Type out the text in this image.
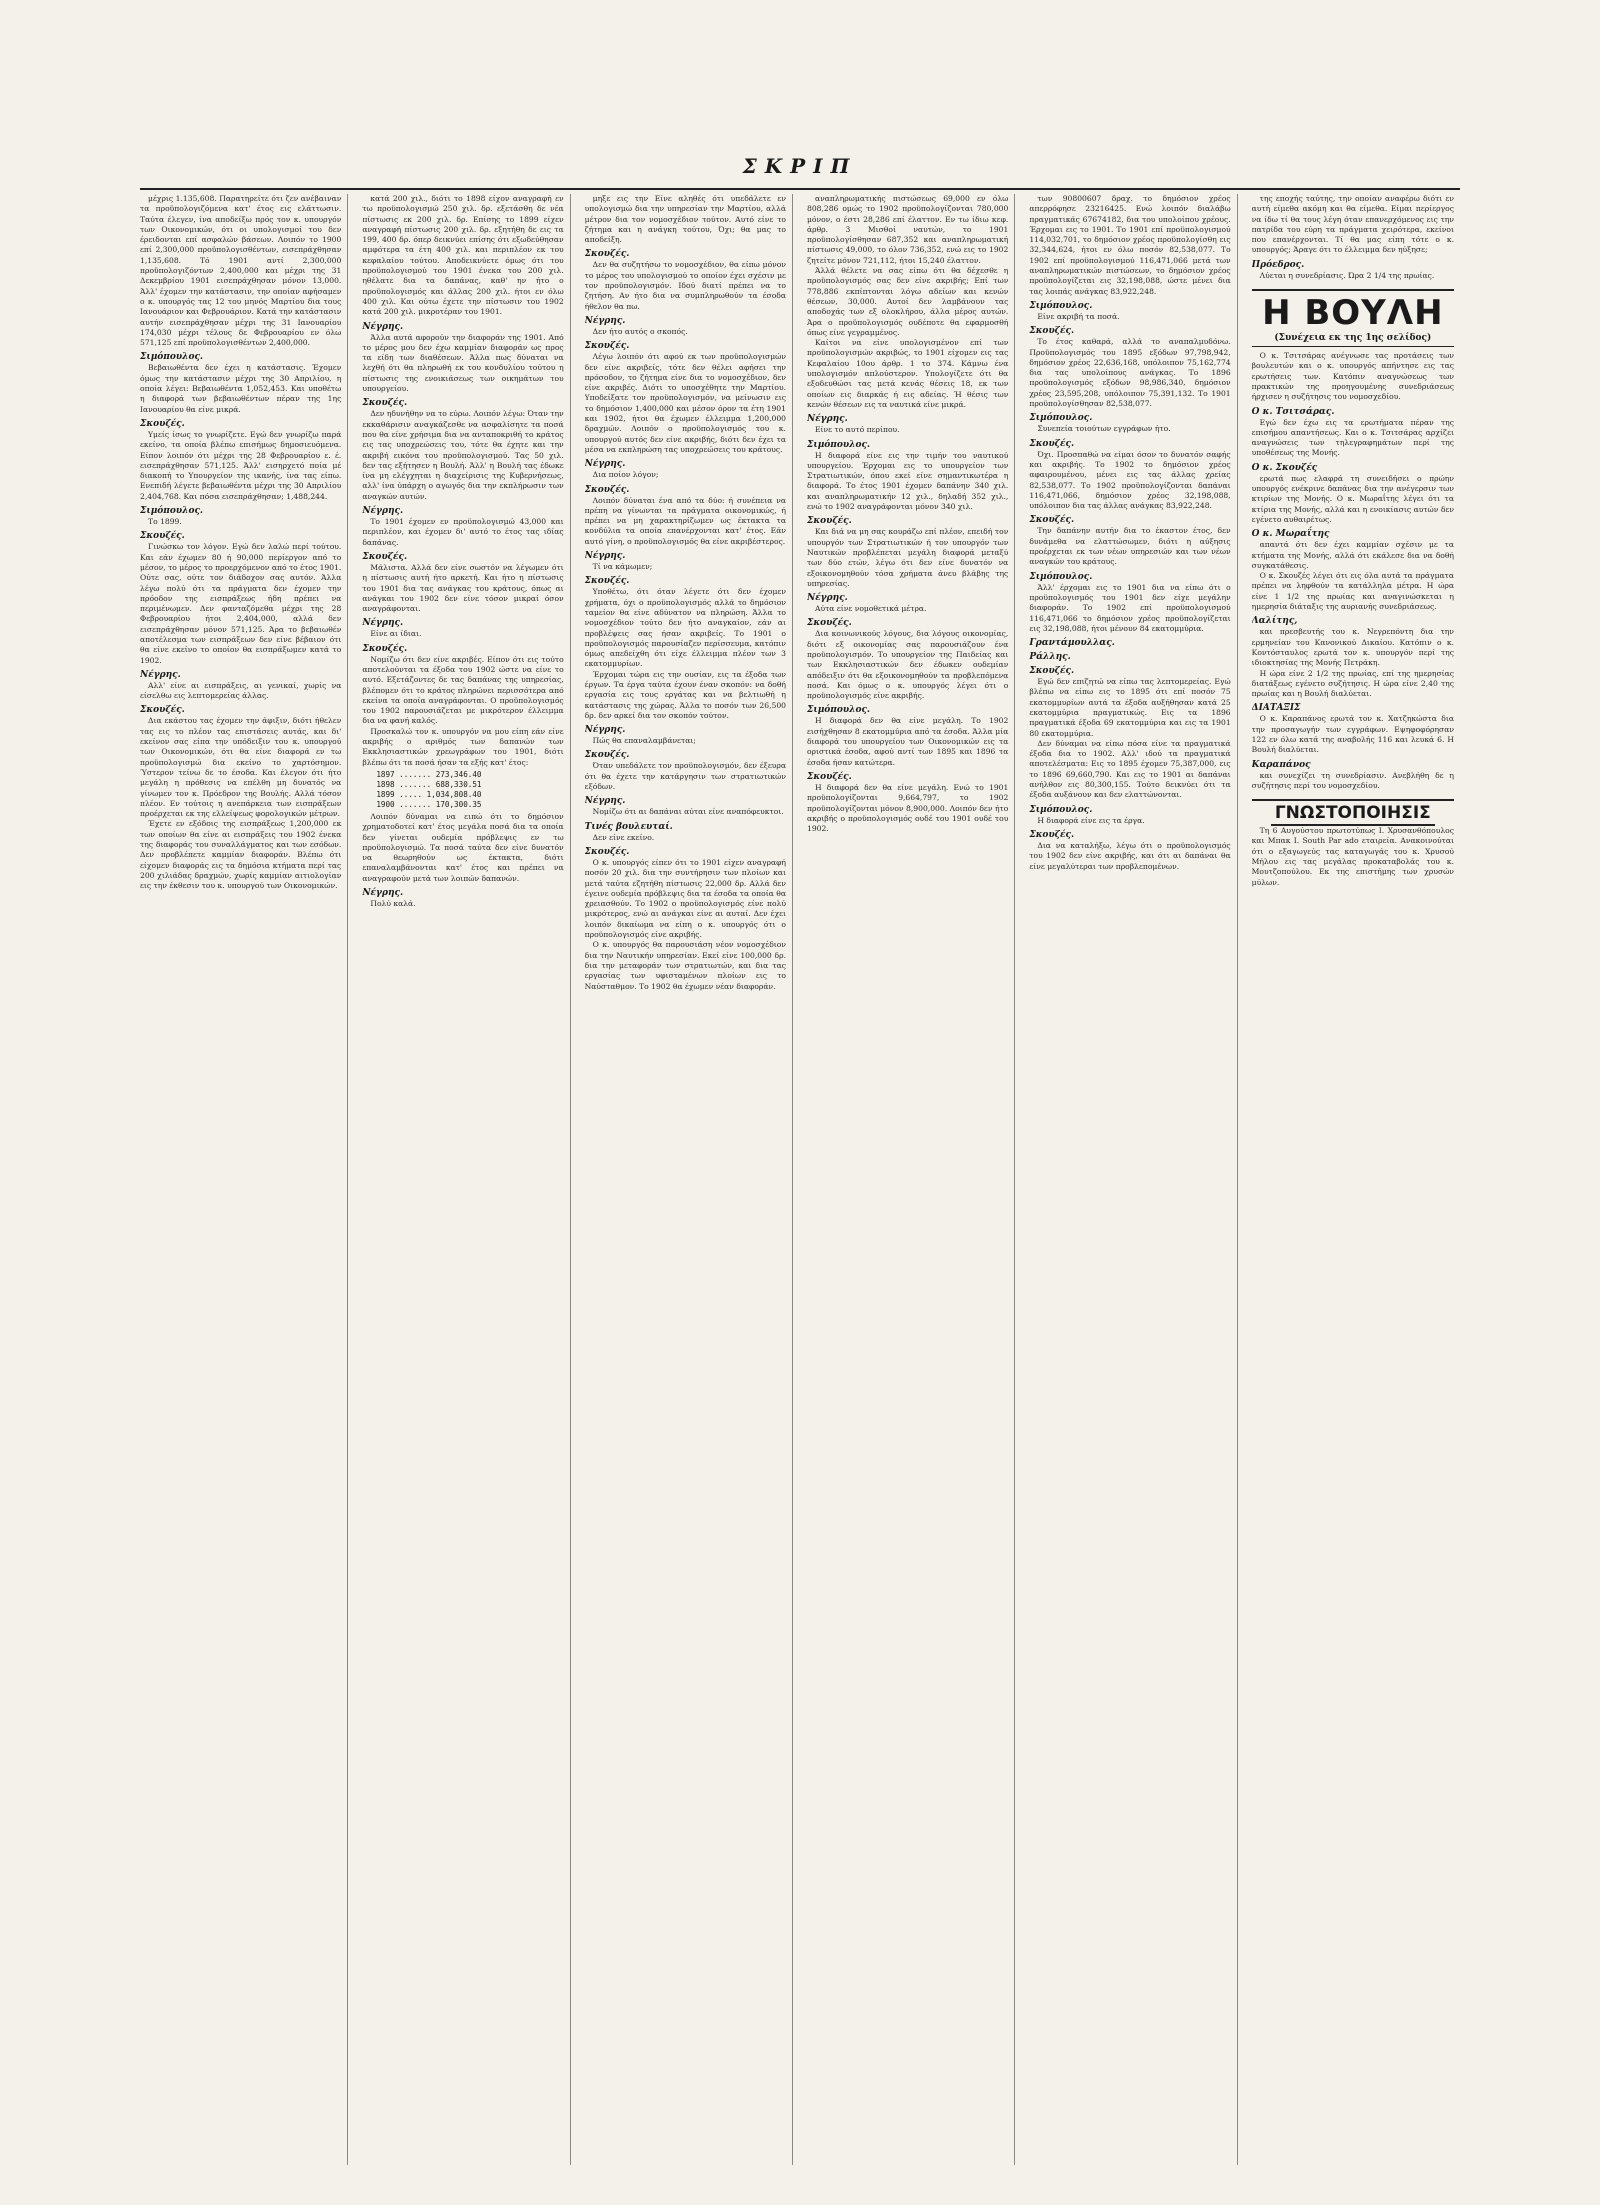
ΣΚΡΙΠ
μέχρις 1.135,608. Παρατηρείτε ότι ζεν ανέβαιναν τα προϋπολογιζόμενα κατ' έτος εις ελάττωσιν. Ταύτα έλεγεν, ίνα αποδείξω πρός τον κ. υπουργόν των Οικονομικών, ότι οι υπολογισμοί του δεν έρειδονται επί ασφαλών βάσεων. Λοιπόν το 1900 επί 2,300,000 προϋπολογισθέντων, εισεπράχθησαν 1,135,608. Τό 1901 αντί 2,300,000 προϋπολογιζόντων 2,400,000 και μέχρι της 31 Δεκεμβρίου 1901 εισεπράχθησαν μόνον 13,000. Άλλ' έχομεν την κατάστασιν, την οποίαν αφήσαμεν ο κ. υπουργός τας 12 του μηνός Μαρτίου δια τους Ιανουάριον και Φεβρουάριον. Κατά την κατάστασιν αυτήν εισεπράχθησαν μέχρι της 31 Ιανουαρίου 174,030 μέχρι τέλους δε Φεβρουαρίου εν όλω 571,125 επί προϋπολογισθέντων 2,400,000.
Σιμόπουλος.
Βεβαιωθέντα δεν έχει η κατάστασις. Έχομεν όμως την κατάστασιν μέχρι της 30 Απριλίου, η οποία λέγει: Βεβαιωθέντα 1,052,453. Και υποθέτω η διαφορά των βεβαιωθέντων πέραν της 1ης Ιανουαρίου θα είνε μικρά.
Σκουζές.
Υμείς ίσως το γνωρίζετε. Εγώ δεν γνωρίζω παρά εκείνο, τα οποία βλέπω επισήμως δημοσιευόμενα. Είπον λοιπόν ότι μέχρι της 28 Φεβρουαρίου ε. έ. εισεπράχθησαν 571,125. Άλλ' εισηρχετό ποία μέ διακοπή το Υπουργείον της ικανής, ίνα τας είπω. Ενεπιδή λέγετε βεβαιωθέντα μέχρι της 30 Απριλίου 2,404,768. Και πόσα εισεπράχθησαν; 1,488,244.
Σιμόπουλος.
Το 1899.
Σκουζές.
Γινώσκω τον λόγον. Εγώ δεν λαλώ περί τούτου. Και εάν έχωμεν 80 ή 90,000 περίεργον από το μέσον, το μέρος το προερχόμενον από το έτος 1901. Ούτε σας, ούτε τον διάδοχον σας αυτόν. Άλλα λέγω πολύ ότι τα πράγματα δεν έχομεν την πρόοδον της εισπράξεως ήδη πρέπει να περιμένωμεν. Δεν φανταζόμεθα μέχρι της 28 Φεβρουαρίου ήτοι 2,404,000, αλλά δεν εισεπράχθησαν μόνον 571,125. Άρα το βεβαιωθέν αποτέλεσμα των εισπράξεων δεν είνε βέβαιον ότι θα είνε εκείνο το οποίον θα εισπράξωμεν κατά το 1902.
Νέγρης.
Αλλ' είνε αι εισπράξεις, αι γενικαί, χωρίς να είσελθω εις λεπτομερείας άλλας.
Σκουζές.
Δια εκάστου τας έχομεν την άφιξιν, διότι ήθελεν τας εις το πλέον τας επιστάσεις αυτάς, και δι' εκείνον σας είπα την υπόδειξιν του κ. υπουργού των Οικονομικών, ότι θα είνε διαφορά εν τω προϋπολογισμώ δια εκείνο το χαρτόσημον. Ύστερον τείνω δε το έσοδα. Και έλεγον ότι ήτο μεγάλη η πρόθεσις να επέλθη μη δυνατός να γίνωμεν τον κ. Πρόεδρον της Βουλής. Αλλά τόσον πλέον. Εν τούτοις η ανεπάρκεια των εισπράξεων προέρχεται εκ της ελλείψεως φορολογικών μέτρων.
Έχετε εν εξόδοις της εισπράξεως 1,200,000 εκ των οποίων θα είνε αι εισπράξεις του 1902 ένεκα της διαφοράς του συναλλάγματος και των εσόδων. Δεν προβλέπετε καμμίαν διαφοράν. Βλέπω ότι είχομεν διαφοράς εις τα δημόσια κτήματα περί τας 200 χιλιάδας δραχμών, χωρίς καμμίαν αιτιολογίαν εις την έκθεσιν του κ. υπουργού των Οικονομικών.
κατά 200 χιλ., διότι το 1898 είχον αναγραφή εν τω προϋπολογισμώ 250 χιλ. δρ. εξετάσθη δε νέα πίστωσις εκ 200 χιλ. δρ. Επίσης το 1899 είχεν αναγραφή πίστωσις 200 χιλ. δρ. εξητήθη δε εις τα 199, 400 δρ. όπερ δεικνύει επίσης ότι εξωδεύθησαν αμφότερα τα έτη 400 χιλ. και περιπλέον εκ του κεφαλαίου τούτου. Αποδεικνύετε όμως ότι του προϋπολογισμού του 1901 ένεκα του 200 χιλ. ηθέλατε δια τα δαπάνας, καθ' ην ήτο ο προϋπολογισμός και άλλας 200 χιλ. ήτοι εν όλω 400 χιλ. Και ούτω έχετε την πίστωσιν του 1902 κατά 200 χιλ. μικροτέραν του 1901.
Νέγρης.
Άλλα αυτά αφορούν την διαφοράν της 1901. Από το μέρος μου δεν έχω καμμίαν διαφοράν ως προς τα είδη των διαθέσεων. Άλλα πως δύναται να λεχθή ότι θα πληρωθή εκ του κονδυλίου τούτου η πίστωσις της ενοικιάσεως των οικημάτων του υπουργείου.
Σκουζές.
Δεν ηδυνήθην να το εύρω. Λοιπόν λέγω: Όταν την εκκαθάρισιν αναγκάζεσθε να ασφαλίσητε τα ποσά που θα είνε χρήσιμα δια να ανταποκριθή το κράτος εις τας υποχρεώσεις του, τότε θα έχητε και την ακριβή εικόνα του προϋπολογισμού. Τας 50 χιλ. δεν τας εξήτησεν η Βουλή. Άλλ' η Βουλή τας έδωκε ίνα μη ελέγχηται η διαχείρισις της Κυβερνήσεως, αλλ' ίνα ύπάρχη ο αγωγός δια την εκπλήρωσιν των αναγκών αυτών.
Νέγρης.
Το 1901 έχομεν εν προϋπολογισμώ 43,000 και περιπλέον, και έχομεν δι' αυτό το έτος τας ιδίας δαπάνας.
Σκουζές.
Μάλιστα. Αλλά δεν είνε σωστόν να λέγωμεν ότι η πίστωσις αυτή ήτο αρκετή. Και ήτο η πίστωσις του 1901 δια τας ανάγκας του κράτους, όπως αι ανάγκαι του 1902 δεν είνε τόσον μικραί όσον αναγράφονται.
Νέγρης.
Είνε αι ίδιαι.
Σκουζές.
Νομίζω ότι δεν είνε ακριβές. Είπον ότι εις τούτο αποτελούνται τα έξοδα του 1902 ώστε να είνε το αυτό. Εξετάζοντες δε τας δαπάνας της υπηρεσίας, βλέπομεν ότι το κράτος πληρώνει περισσότερα από εκείνα τα οποία αναγράφονται. Ο προϋπολογισμός του 1902 παρουσιάζεται με μικρότερον έλλειμμα δια να φανή καλός.
Προσκαλώ τον κ. υπουργόν να μου είπη εάν είνε ακριβής ο αριθμός των δαπανών των Εκκλησιαστικών χρεωγράφων του 1901, διότι βλέπω ότι τα ποσά ήσαν τα εξής κατ' έτος:
1897 ....... 273,346.40
1898 ....... 688,330.51
1899 ..... 1,034,808.40
1900 ....... 170,300.35
Λοιπόν δύναμαι να ειπώ ότι το δημόσιον χρηματοδοτεί κατ' έτος μεγάλα ποσά δια τα οποία δεν γίνεται ουδεμία πρόβλεψις εν τω προϋπολογισμώ. Τα ποσά ταύτα δεν είνε δυνατόν να θεωρηθούν ως έκτακτα, διότι επαναλαμβάνονται κατ' έτος και πρέπει να αναγραφούν μετά των λοιπών δαπανών.
Νέγρης.
Πολύ καλά.
μηξε εις την Είνε αληθές ότι υπεδάλετε εν υπολογισμώ δια την υπηρεσίαν την Μαρτίου, αλλά μέτρον δια τον νομοσχέδιον τούτον. Αυτό είνε το ζήτημα και η ανάγκη τούτου, Όχι; θα μας το αποδείξη.
Σκουζές.
Δεν θα συζητήσω το νομοσχέδιον, θα είπω μόνον το μέρος του υπολογισμού το οποίον έχει σχέσιν με τον προϋπολογισμόν. Ιδού διατί πρέπει να το ζητήση. Αν ήτο δια να συμπληρωθούν τα έσοδα ήθελον θα πω.
Νέγρης.
Δεν ήτο αυτός ο σκοπός.
Σκουζές.
Λέγω λοιπόν ότι αφού εκ των προϋπολογισμών δεν είνε ακριβείς, τότε δεν θέλει αφήσει την πρόσοδον, το ζήτημα είνε δια το νομοσχέδιον, δεν είνε ακριβές. Διότι το υποσχέθητε την Μαρτίου. Υποδείξατε τον προϋπολογισμόν, να μείνωσιν εις το δημόσιον 1,400,000 και μέσον όρον τα έτη 1901 και 1902, ήτοι θα έχωμεν έλλειμμα 1,200,000 δραχμών. Λοιπόν ο προϋπολογισμός του κ. υπουργού αυτός δεν είνε ακριβής, διότι δεν έχει τα μέσα να εκπληρώση τας υποχρεώσεις του κράτους.
Νέγρης.
Δια ποίον λόγον;
Σκουζές.
Λοιπόν δύναται ένα από τα δύο: ή συνέπεια να πρέπη να γίνωνται τα πράγματα οικονομικώς, ή πρέπει να μη χαρακτηρίζωμεν ως έκτακτα τα κονδύλια τα οποία επανέρχονται κατ' έτος. Εάν αυτό γίνη, ο προϋπολογισμός θα είνε ακριβέστερος.
Νέγρης.
Τί να κάμωμεν;
Σκουζές.
Υποθέτω, ότι όταν λέγετε ότι δεν έχομεν χρήματα, όχι ο προϋπολογισμός αλλά το δημόσιον ταμείον θα είνε αδύνατον να πληρώση. Άλλα το νομοσχέδιον τούτο δεν ήτο αναγκαίον, εάν αι προβλέψεις σας ήσαν ακριβείς. Το 1901 ο προϋπολογισμός παρουσίαζεν περίσσευμα, κατόπιν όμως απεδείχθη ότι είχε έλλειμμα πλέον των 3 εκατομμυρίων.
Έρχομαι τώρα εις την ουσίαν, εις τα έξοδα των έργων. Τα έργα ταύτα έχουν έναν σκοπόν: να δοθή εργασία εις τους εργάτας και να βελτιωθή η κατάστασις της χώρας. Άλλα το ποσόν των 26,500 δρ. δεν αρκεί δια τον σκοπόν τούτον.
Νέγρης.
Πώς θα επαναλαμβάνεται;
Σκουζές.
Όταν υπεδάλετε τον προϋπολογισμόν, δεν έξευρα ότι θα έχετε την κατάργησιν των στρατιωτικών εξόδων.
Νέγρης.
Νομίζω ότι αι δαπάναι αύται είνε αναπόφευκτοι.
Τινές βουλευταί.
Δεν είνε εκείνο.
Σκουζές.
Ο κ. υπουργός είπεν ότι το 1901 είχεν αναγραφή ποσόν 20 χιλ. δια την συντήρησιν των πλοίων και μετά ταύτα εζητήθη πίστωσις 22,000 δρ. Αλλά δεν έγεινε ουδεμία πρόβλεψις δια τα έσοδα τα οποία θα χρειασθούν. Το 1902 ο προϋπολογισμός είνε πολύ μικρότερος, ενώ αι ανάγκαι είνε αι αυταί. Δεν έχει λοιπόν δικαίωμα να είπη ο κ. υπουργός ότι ο προϋπολογισμός είνε ακριβής.
Ο κ. υπουργός θα παρουσιάση νέον νομοσχέδιον δια την Ναυτικήν υπηρεσίαν. Εκεί είνε 100,000 δρ. δια την μεταφοράν των στρατιωτών, και δια τας εργασίας των υφισταμένων πλοίων εις το Ναύσταθμον. Το 1902 θα έχωμεν νέαν διαφοράν.
αναπληρωματικής πιστώσεως 69,000 εν όλω 808,286 ομώς το 1902 προϋπολογίζονται 780,000 μόνον, ο έστι 28,286 επί έλαττον. Εν τω ίδιω κεφ. άρθρ. 3 Μισθοί ναυτών, το 1901 προϋπολογίσθησαν 687,352 και αναπληρωματική πίστωσις 49,000, το όλον 736,352, ενώ εις το 1902 ζητείτε μόνον 721,112, ήτοι 15,240 έλαττον.
Άλλά θέλετε να σας είπω ότι θα δέχεσθε η προϋπολογισμός σας δεν είνε ακριβής; Επί των 778,886 εκπίπτονται λόγω αδείων και κενών θέσεων, 30,000. Αυτοί δεν λαμβάνουν τας αποδοχάς των εξ ολοκλήρου, άλλα μέρος αυτών. Άρα ο προϋπολογισμός ουδέποτε θα εφαρμοσθή όπως είνε γεγραμμένος.
Καίτοι να είνε υπολογισμένον επί των προϋπολογισμών ακριβώς, το 1901 είχομεν εις τας Κεφαλαίου 10ου άρθρ. 1 το 374. Κάμνω ένα υπολογισμόν απλούστερον. Υπολογίζετε ότι θα εξοδευθώσι τας μετά κενάς θέσεις 18, εκ των οποίων εις διαρκάς ή εις αδείας. Ή θέσις των κενών θέσεων εις τα ναυτικά είνε μικρά.
Νέγρης.
Είνε το αυτό περίπου.
Σιμόπουλος.
Η διαφορά είνε εις την τιμήν του ναυτικού υπουργείου. Έρχομαι εις το υπουργείον των Στρατιωτικών, όπου εκεί είνε σημαντικωτέρα η διαφορά. Το έτος 1901 έχομεν δαπάνην 340 χιλ. και αναπληρωματικήν 12 χιλ., δηλαδή 352 χιλ., ενώ το 1902 αναγράφονται μόνον 340 χιλ.
Σκουζές.
Και διά να μη σας κουράζω επί πλέον, επειδή τον υπουργόν των Στρατιωτικών ή τον υπουργόν των Ναυτικών προβλέπεται μεγάλη διαφορά μεταξύ των δύο ετών, λέγω ότι δεν είνε δυνατόν να εξοικονομηθούν τόσα χρήματα άνευ βλάβης της υπηρεσίας.
Νέγρης.
Αύτα είνε νομοθετικά μέτρα.
Σκουζές.
Δια κοινωνικούς λόγους, δια λόγους οικονομίας, διότι εξ οικονομίας σας παρουσιάζουν ένα προϋπολογισμόν. Το υπουργείον της Παιδείας και των Εκκλησιαστικών δεν έδωκεν ουδεμίαν απόδειξιν ότι θα εξοικονομηθούν τα προβλεπόμενα ποσά. Και όμως ο κ. υπουργός λέγει ότι ο προϋπολογισμός είνε ακριβής.
Σιμόπουλος.
Η διαφορά δεν θα είνε μεγάλη. Το 1902 εισήχθησαν 8 εκατομμύρια από τα έσοδα. Άλλα μία διαφορά του υπουργείου των Οικονομικών εις τα οριστικά έσοδα, αφού αντί των 1895 και 1896 τα έσοδα ήσαν κατώτερα.
Σκουζές.
Η διαφορά δεν θα είνε μεγάλη. Ενώ το 1901 προϋπολογίζονται 9,664,797, το 1902 προϋπολογίζονται μόνον 8,900,000. Λοιπόν δεν ήτο ακριβής ο προϋπολογισμός ουδέ του 1901 ουδέ του 1902.
των 90800607 δραχ. το δημόσιον χρέος απερρόφησε 23216425. Ενώ λοιπόν διαλάβω πραγματικάς 67674182, δια του υπολοίπου χρέους. Έρχομαι εις το 1901. Το 1901 επί προϋπολογισμού 114,032,701, το δημόσιον χρέος προϋπολογίσθη εις 32,344,624, ήτοι εν όλω ποσόν 82,538,077. Το 1902 επί προϋπολογισμού 116,471,066 μετά των αναπληρωματικών πιστώσεων, το δημόσιον χρέος προϋπολογίζεται εις 32,198,088, ώστε μένει δια τας λοιπάς ανάγκας 83,922,248.
Σιμόπουλος.
Είνε ακριβή τα ποσά.
Σκουζές.
Το έτος καθαρά, αλλά το αναπαλμυδόνω. Προϋπολογισμός του 1895 εξόδων 97,798,942, δημόσιον χρέος 22,636,168, υπόλοιπον 75,162,774 δια τας υπολοίπους ανάγκας. Το 1896 προϋπολογισμός εξόδων 98,986,340, δημόσιον χρέος 23,595,208, υπόλοιπον 75,391,132. Το 1901 προϋπολογίσθησαν 82,538,077.
Σιμόπουλος.
Συνεπεία τοιούτων εγγράφων ήτο.
Σκουζές.
Όχι. Προσπαθώ να είμαι όσον το δυνατόν σαφής και ακριβής. Το 1902 το δημόσιον χρέος αφαιρουμένου, μένει εις τας άλλας χρείας 82,538,077. Το 1902 προϋπολογίζονται δαπάναι 116,471,066, δημόσιον χρέος 32,198,088, υπόλοιπον δια τας άλλας ανάγκας 83,922,248.
Σκουζές.
Την δαπάνην αυτήν δια το έκαστον έτος, δεν δυνάμεθα να ελαττώσωμεν, διότι η αύξησις προέρχεται εκ των νέων υπηρεσιών και των νέων αναγκών του κράτους.
Σιμόπουλος.
Άλλ' έρχομαι εις το 1901 δια να είπω ότι ο προϋπολογισμός του 1901 δεν είχε μεγάλην διαφοράν. Το 1902 επί προϋπολογισμού 116,471,066 το δημόσιον χρέος προϋπολογίζεται εις 32,198,088, ήτοι μένουν 84 εκατομμύρια.
Γραντάμουλλας.
Ράλλης.
Σκουζές.
Εγώ δεν επιζητώ να είπω τας λεπτομερείας. Εγώ βλέπω να είπω εις το 1895 ότι επί ποσόν 75 εκατομμυρίων αυτά τα έξοδα αυξήθησαν κατά 25 εκατομμύρια πραγματικώς. Εις τα 1896 πραγματικά έξοδα 69 εκατομμύρια και εις τα 1901 80 εκατομμύρια.
Δεν δύναμαι να είπω πόσα είνε τα πραγματικά έξοδα δια το 1902. Αλλ' ιδού τα πραγματικά αποτελέσματα: Εις το 1895 έχομεν 75,387,000, εις το 1896 69,660,790. Και εις το 1901 αι δαπάναι ανήλθον εις 80,300,155. Τούτο δεικνύει ότι τα έξοδα αυξάνουν και δεν ελαττώνονται.
Σιμόπουλος.
Η διαφορά είνε εις τα έργα.
Σκουζές.
Δια να καταλήξω, λέγω ότι ο προϋπολογισμός του 1902 δεν είνε ακριβής, και ότι αι δαπάναι θα είνε μεγαλύτεραι των προβλεπομένων.
της εποχής ταύτης, την οποίαν αναφέρω διότι εν αυτή είμεθα ακόμη και θα είμεθα. Είμαι περίεργος να ίδω τί θα τους λέγη όταν επανερχόμενος εις την πατρίδα του εύρη τα πράγματα χειρότερα, εκείνοι που επανέρχονται. Τί θα μας είπη τότε ο κ. υπουργός; Άραγε ότι το έλλειμμα δεν ηύξησε;
Πρόεδρος.
Λύεται η συνεδρίασις. Ώρα 2 1/4 της πρωίας.
Η ΒΟΥΛΗ
(Συνέχεια εκ της 1ης σελίδος)
Ο κ. Τσιτσάρας ανέγνωσε τας προτάσεις των βουλευτών και ο κ. υπουργός απήντησε εις τας ερωτήσεις των. Κατόπιν αναγνώσεως των πρακτικών της προηγουμένης συνεδριάσεως ήρχισεν η συζήτησις του νομοσχεδίου.
Ο κ. Τσιτσάρας.
Εγώ δεν έχω εις τα ερωτήματα πέραν της επισήμου απαντήσεως. Και ο κ. Τσιτσάρας αρχίζει αναγνώσεις των τηλεγραφημάτων περί της υποθέσεως της Μονής.
Ο κ. Σκουζές
ερωτά πως ελαφρά τη συνειδήσει ο πρώην υπουργός ενέκρινε δαπάνας δια την ανέγερσιν των κτιρίων της Μονής. Ο κ. Μωραΐτης λέγει ότι τα κτίρια της Μονής, αλλά και η ενοικίασις αυτών δεν εγένετο αυθαιρέτως.
Ο κ. Μωραΐτης
απαντά ότι δεν έχει καμμίαν σχέσιν με τα κτήματα της Μονής, αλλά ότι εκάλεσε δια να δοθή συγκατάθεσις.
Ο κ. Σκουζές λέγει ότι εις όλα αυτά τα πράγματα πρέπει να ληφθούν τα κατάλληλα μέτρα. Η ώρα είνε 1 1/2 της πρωίας και αναγινώσκεται η ημερησία διάταξις της αυριανής συνεδριάσεως.
Λαλίτης,
και πρεσβευτής του κ. Νεγρεπόντη δια την ερμηνείαν του Κανονικού Δικαίου. Κατόπιν ο κ. Κοντόσταυλος ερωτά τον κ. υπουργόν περί της ιδιοκτησίας της Μονής Πετράκη.
Η ώρα είνε 2 1/2 της πρωίας, επί της ημερησίας διατάξεως εγένετο συζήτησις. Η ώρα είνε 2,40 της πρωίας και η Βουλή διαλύεται.
ΔΙΑΤΑΞΙΣ
Ο κ. Καραπάνος ερωτά τον κ. Χατζηκώστα δια την προσαγωγήν των εγγράφων. Εψηφοφόρησαν 122 εν όλω κατά της αναβολής 116 και λευκά 6. Η Βουλή διαλύεται.
Καραπάνος
και συνεχίζει τη συνεδρίασιν. Ανεβλήθη δε η συζήτησις περί του νομοσχεδίου.
ΓΝΩΣΤΟΠΟΙΗΣΙΣ
Τη 6 Αυγούστου πρωτοτύπως Ι. Χρυσανθόπουλος και Μπακ Ι. South Par ado εταιρεία. Ανακοινούται ότι ο εξαγωγεύς τας καταγωγάς του κ. Χρυσού Μήλου εις τας μεγάλας προκαταβολάς του κ. Μουτζοπούλου. Εκ της επιστήμης των χρυσών μύλων.
